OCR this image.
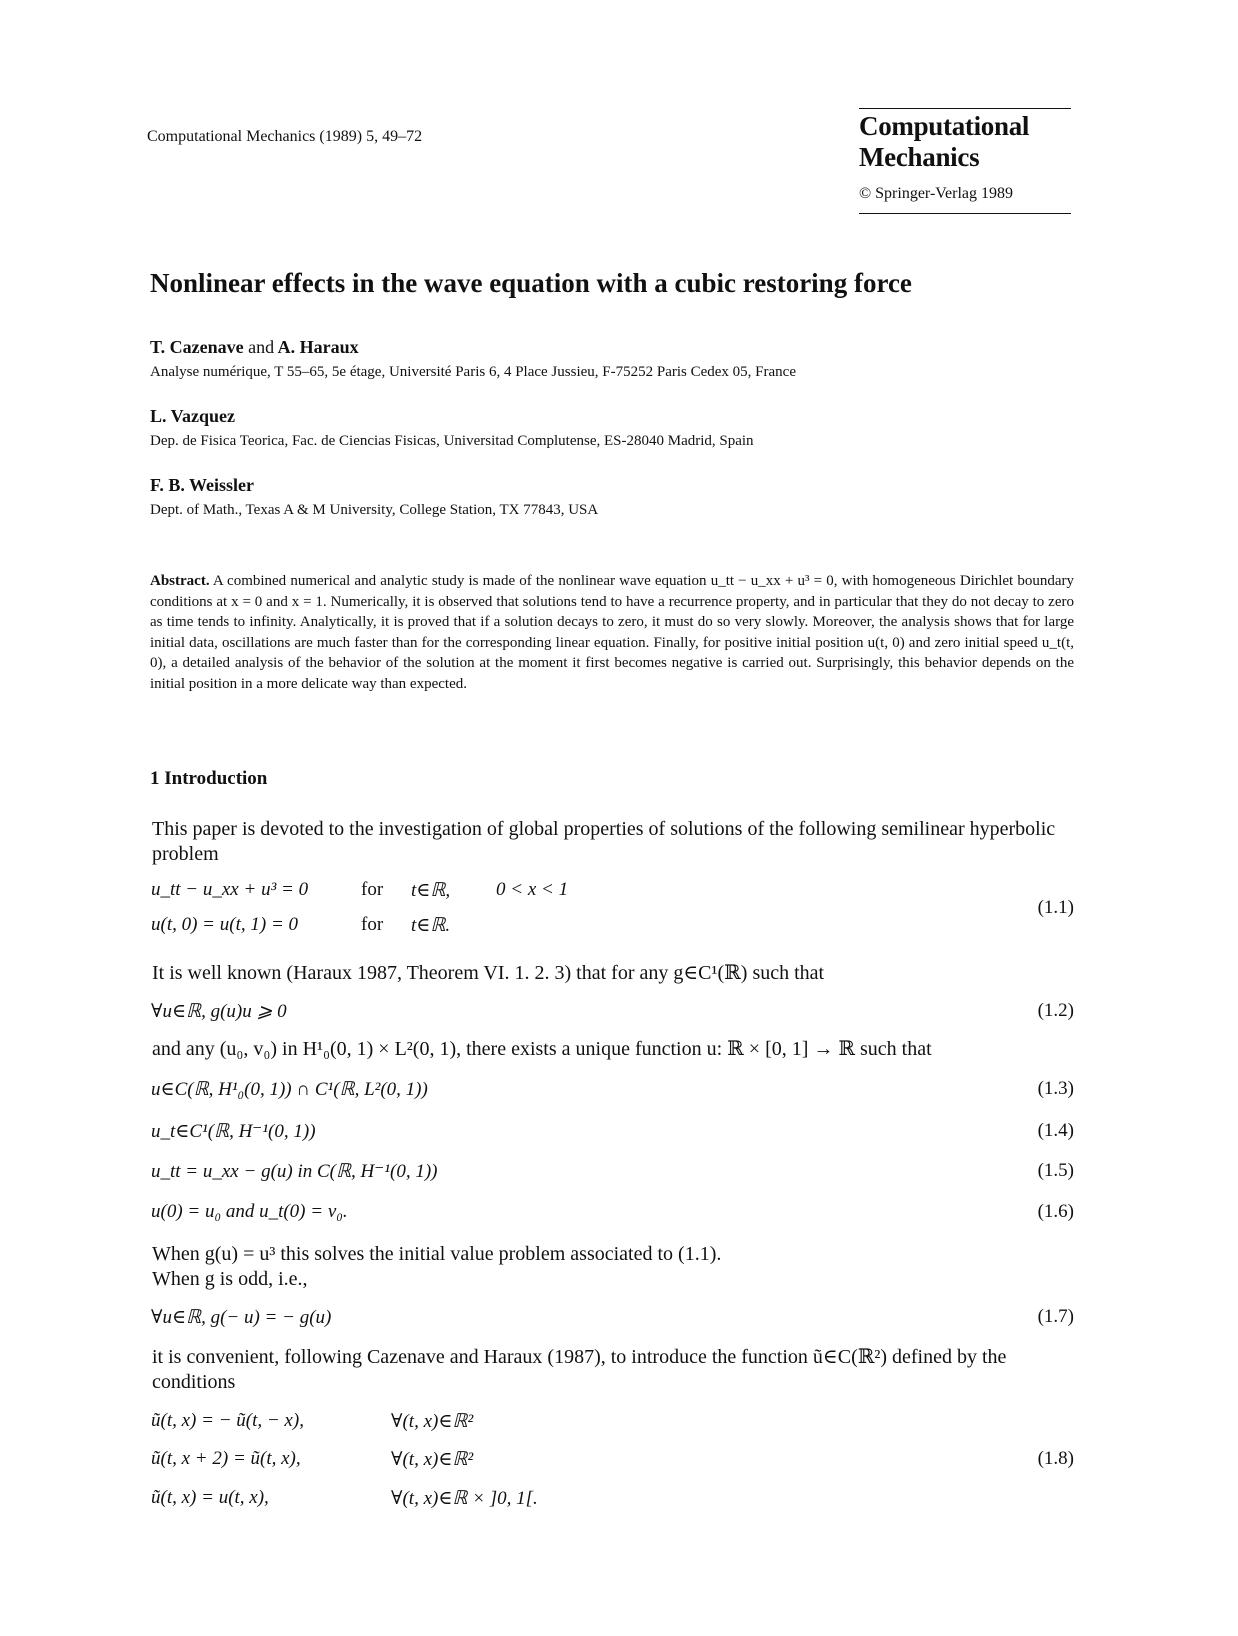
Computational Mechanics (1989) 5, 49–72	Computational
Mechanics
© Springer-Verlag 1989
Nonlinear effects in the wave equation with a cubic restoring force
T. Cazenave and A. Haraux
Analyse numérique, T 55–65, 5e étage, Université Paris 6, 4 Place Jussieu, F-75252 Paris Cedex 05, France
L. Vazquez
Dep. de Fisica Teorica, Fac. de Ciencias Fisicas, Universitad Complutense, ES-28040 Madrid, Spain
F. B. Weissler
Dept. of Math., Texas A & M University, College Station, TX 77843, USA
Abstract. A combined numerical and analytic study is made of the nonlinear wave equation u_tt − u_xx + u³ = 0, with homogeneous Dirichlet boundary conditions at x = 0 and x = 1. Numerically, it is observed that solutions tend to have a recurrence property, and in particular that they do not decay to zero as time tends to infinity. Analytically, it is proved that if a solution decays to zero, it must do so very slowly. Moreover, the analysis shows that for large initial data, oscillations are much faster than for the corresponding linear equation. Finally, for positive initial position u(t, 0) and zero initial speed u_t(t, 0), a detailed analysis of the behavior of the solution at the moment it first becomes negative is carried out. Surprisingly, this behavior depends on the initial position in a more delicate way than expected.
1 Introduction
This paper is devoted to the investigation of global properties of solutions of the following semilinear hyperbolic problem
u_tt − u_xx + u³ = 0	for t∈ℝ, 0 < x < 1
u(t, 0) = u(t, 1) = 0	for t∈ℝ.
(1.1)
It is well known (Haraux 1987, Theorem VI. 1. 2. 3) that for any g∈C¹(ℝ) such that
∀u∈ℝ, g(u)u ⩾ 0	(1.2)
and any (u₀, v₀) in H¹₀(0, 1) × L²(0, 1), there exists a unique function u: ℝ × [0, 1] → ℝ such that
u∈C(ℝ, H¹₀(0, 1)) ∩ C¹(ℝ, L²(0, 1))	(1.3)
u_t∈C¹(ℝ, H⁻¹(0, 1))	(1.4)
u_tt = u_xx − g(u) in C(ℝ, H⁻¹(0, 1))	(1.5)
u(0) = u₀ and u_t(0) = v₀.	(1.6)
When g(u) = u³ this solves the initial value problem associated to (1.1).
When g is odd, i.e.,
∀u∈ℝ, g(− u) = − g(u)	(1.7)
it is convenient, following Cazenave and Haraux (1987), to introduce the function ũ∈C(ℝ²) defined by the conditions
ũ(t, x) = − ũ(t, − x),	∀(t, x)∈ℝ²
ũ(t, x + 2) = ũ(t, x),	∀(t, x)∈ℝ²
ũ(t, x) = u(t, x),	∀(t, x)∈ℝ × ]0, 1[.
(1.8)
